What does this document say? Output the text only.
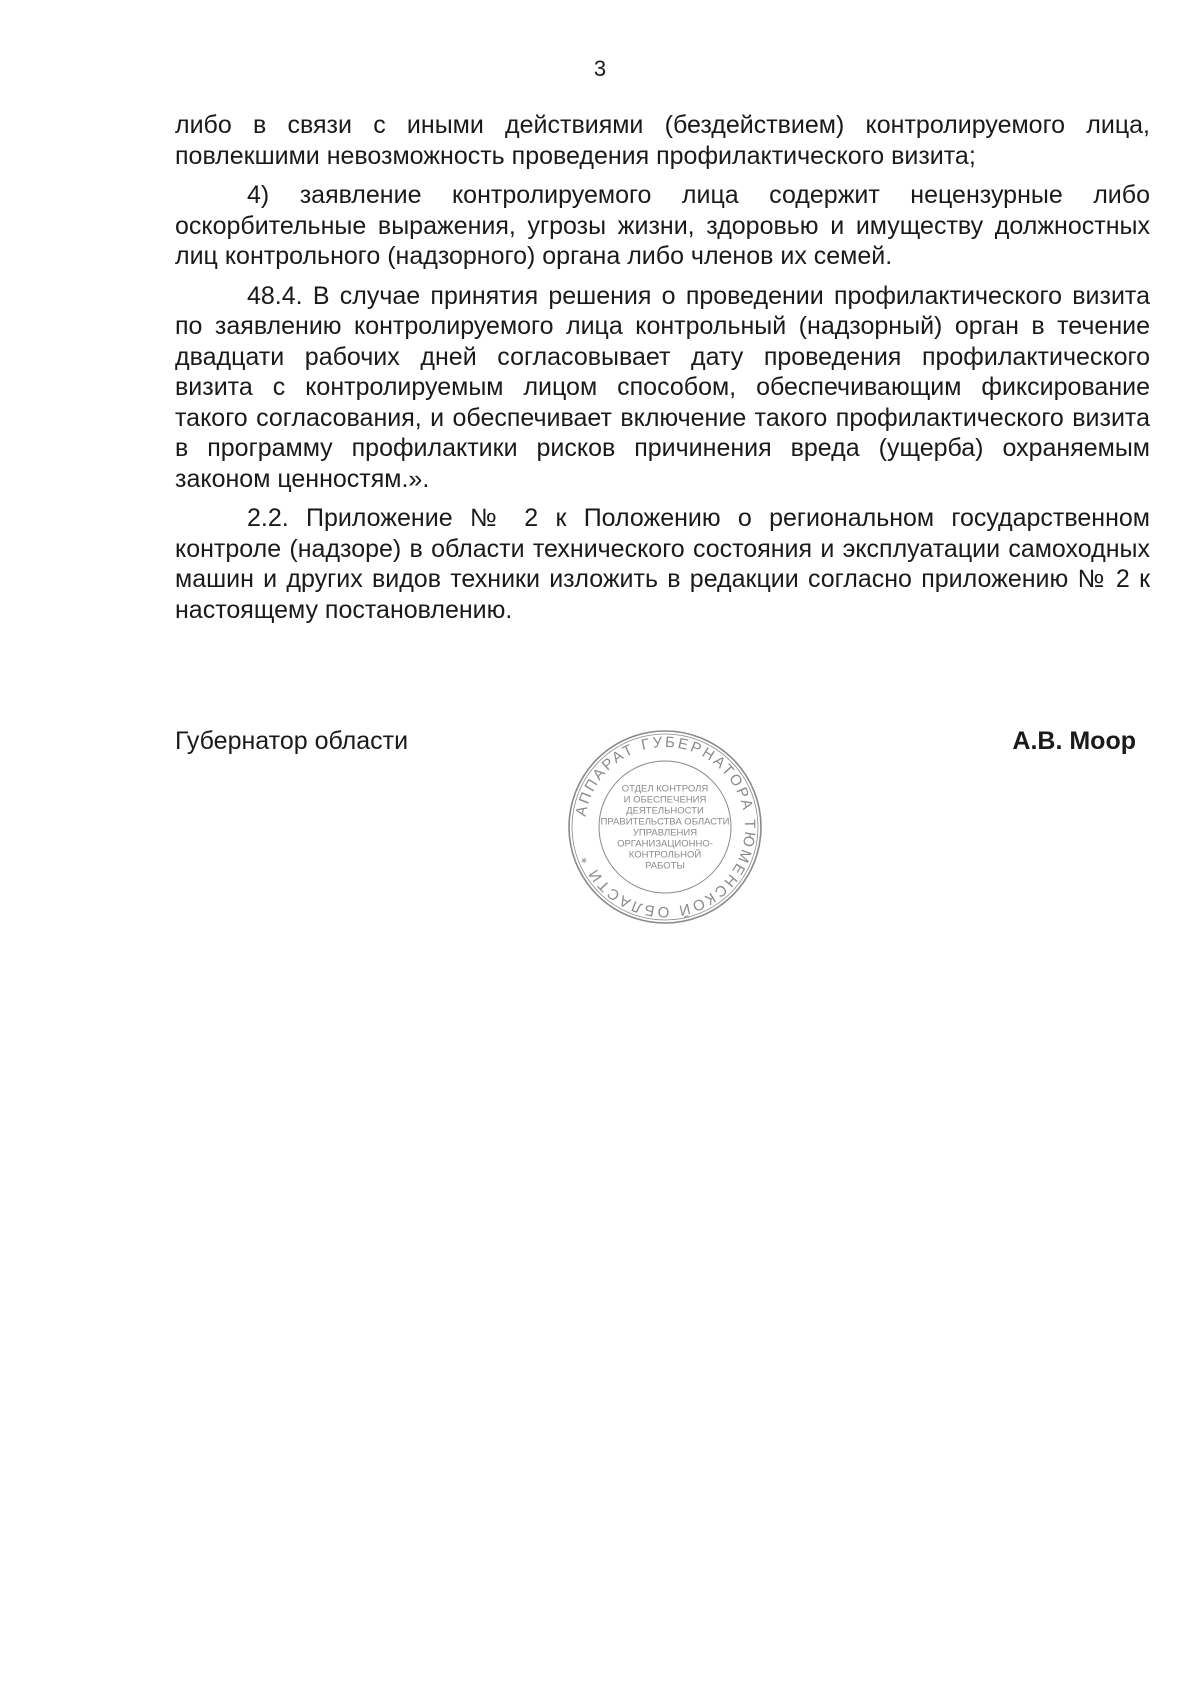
3

либо в связи с иными действиями (бездействием) контролируемого лица, повлекшими невозможность проведения профилактического визита;

4) заявление контролируемого лица содержит нецензурные либо оскорбительные выражения, угрозы жизни, здоровью и имуществу должностных лиц контрольного (надзорного) органа либо членов их семей.

48.4. В случае принятия решения о проведении профилактического визита по заявлению контролируемого лица контрольный (надзорный) орган в течение двадцати рабочих дней согласовывает дату проведения профилактического визита с контролируемым лицом способом, обеспечивающим фиксирование такого согласования, и обеспечивает включение такого профилактического визита в программу профилактики рисков причинения вреда (ущерба) охраняемым законом ценностям.».

2.2. Приложение № 2 к Положению о региональном государственном контроле (надзоре) в области технического состояния и эксплуатации самоходных машин и других видов техники изложить в редакции согласно приложению № 2 к настоящему постановлению.

Губернатор области	А.В. Моор
АППАРАТ ГУБЕРНАТОРА ТЮМЕНСКОЙ ОБЛАСТИ *
ОТДЕЛ КОНТРОЛЯ
И ОБЕСПЕЧЕНИЯ
ДЕЯТЕЛЬНОСТИ
ПРАВИТЕЛЬСТВА ОБЛАСТИ
УПРАВЛЕНИЯ
ОРГАНИЗАЦИОННО-
КОНТРОЛЬНОЙ
РАБОТЫ
